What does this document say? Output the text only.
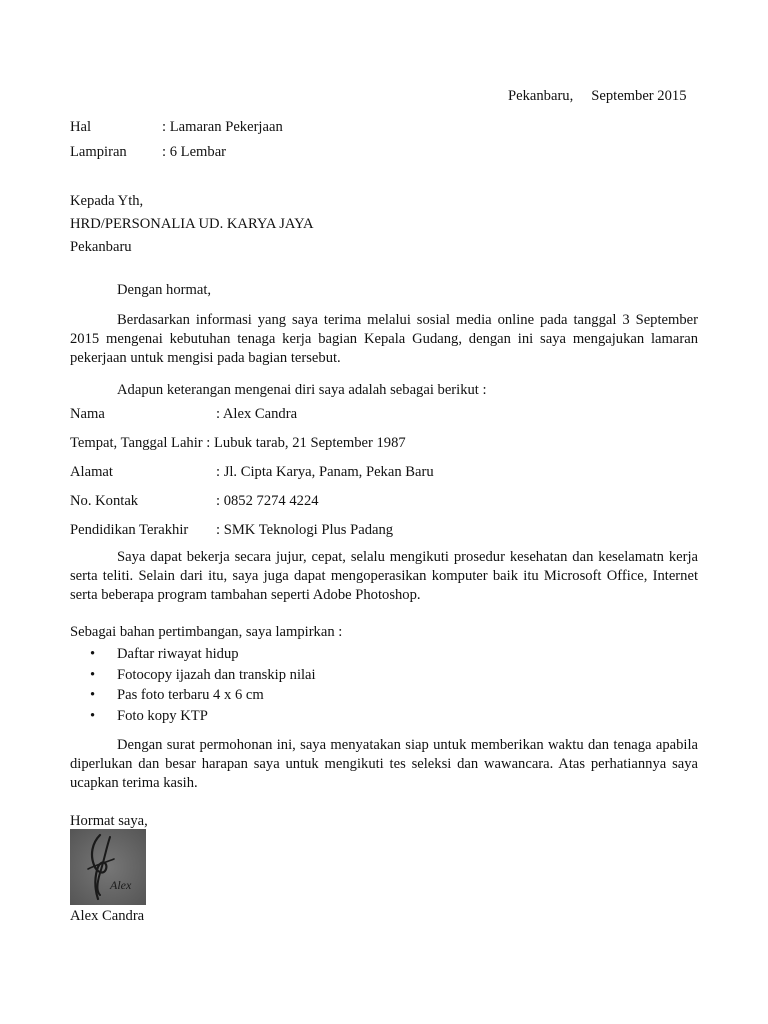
Pekanbaru, September 2015
Hal	: Lamaran Pekerjaan
Lampiran : 6 Lembar
Kepada Yth,
HRD/PERSONALIA UD. KARYA JAYA
Pekanbaru
Dengan hormat,
Berdasarkan informasi yang saya terima melalui sosial media online pada tanggal 3 September 2015 mengenai kebutuhan tenaga kerja bagian Kepala Gudang, dengan ini saya mengajukan lamaran pekerjaan untuk mengisi pada bagian tersebut.
Adapun keterangan mengenai diri saya adalah sebagai berikut :
Nama	: Alex Candra
Tempat, Tanggal Lahir : Lubuk tarab, 21 September 1987
Alamat	: Jl. Cipta Karya, Panam, Pekan Baru
No. Kontak	: 0852 7274 4224
Pendidikan Terakhir : SMK Teknologi Plus Padang
Saya dapat bekerja secara jujur, cepat, selalu mengikuti prosedur kesehatan dan keselamatn kerja serta teliti. Selain dari itu, saya juga dapat mengoperasikan komputer baik itu Microsoft Office, Internet serta beberapa program tambahan seperti Adobe Photoshop.
Sebagai bahan pertimbangan, saya lampirkan :
• Daftar riwayat hidup
• Fotocopy ijazah dan transkip nilai
• Pas foto terbaru 4 x 6 cm
• Foto kopy KTP
Dengan surat permohonan ini, saya menyatakan siap untuk memberikan waktu dan tenaga apabila diperlukan dan besar harapan saya untuk mengikuti tes seleksi dan wawancara. Atas perhatiannya saya ucapkan terima kasih.
Hormat saya,
Alex
Alex Candra
